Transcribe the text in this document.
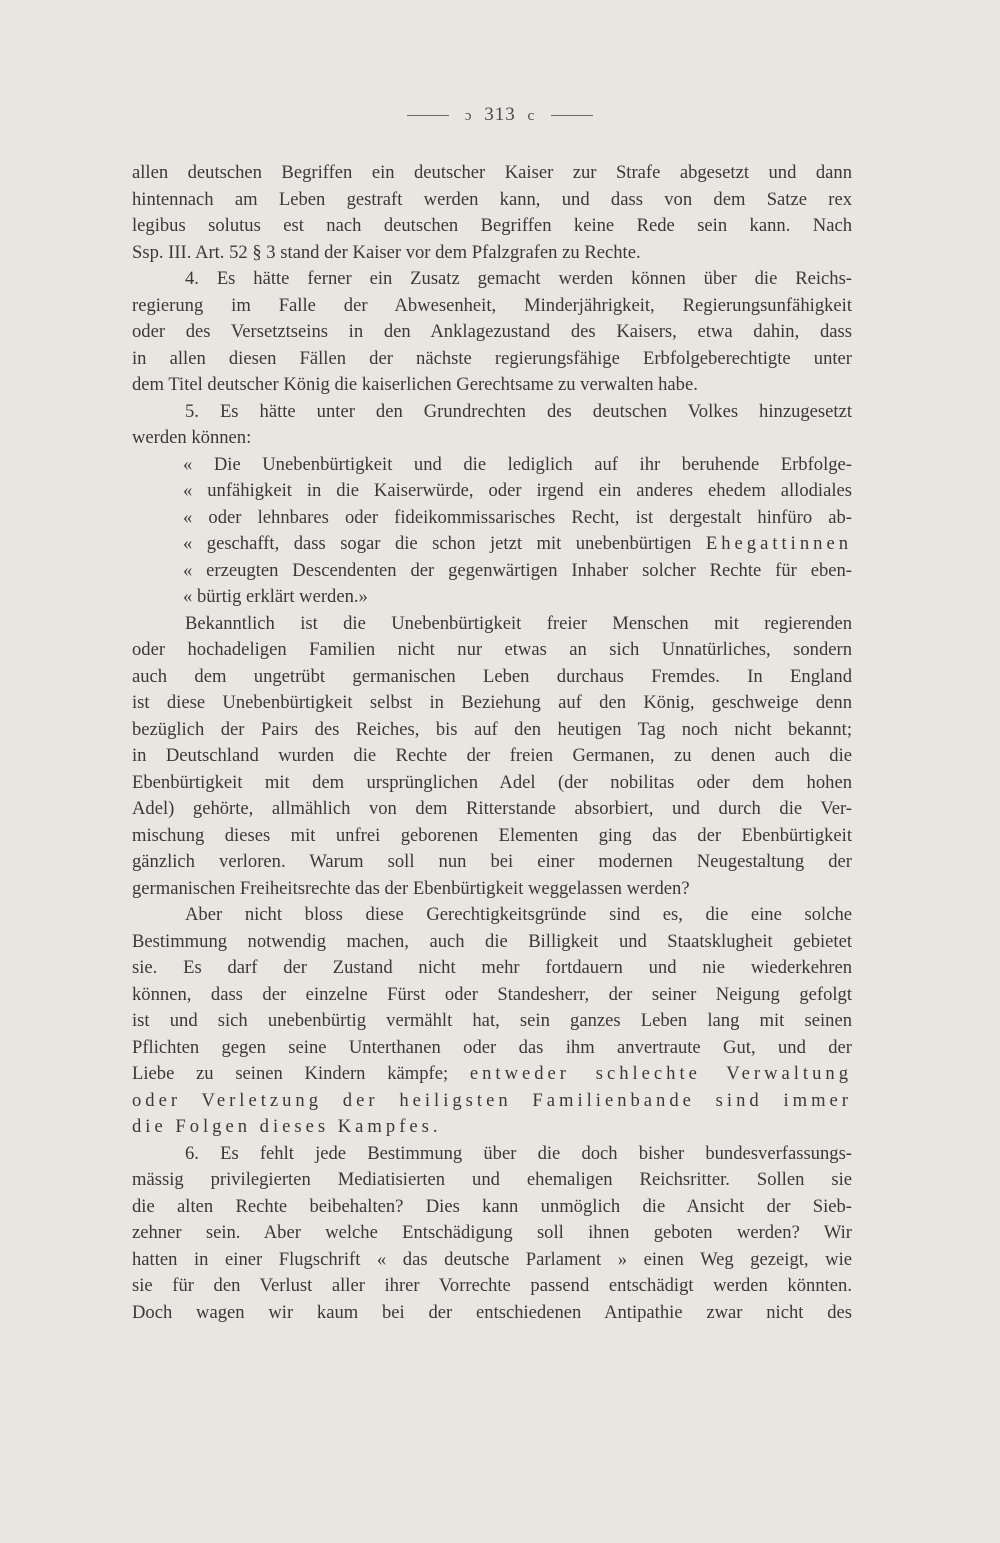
ɔ 313 c
allen deutschen Begriffen ein deutscher Kaiser zur Strafe abgesetzt und dann
hintennach am Leben gestraft werden kann, und dass von dem Satze rex
legibus solutus est nach deutschen Begriffen keine Rede sein kann. Nach
Ssp. III. Art. 52 § 3 stand der Kaiser vor dem Pfalzgrafen zu Rechte.
4. Es hätte ferner ein Zusatz gemacht werden können über die Reichs-
regierung im Falle der Abwesenheit, Minderjährigkeit, Regierungsunfähigkeit
oder des Versetztseins in den Anklagezustand des Kaisers, etwa dahin, dass
in allen diesen Fällen der nächste regierungsfähige Erbfolgeberechtigte unter
dem Titel deutscher König die kaiserlichen Gerechtsame zu verwalten habe.
5. Es hätte unter den Grundrechten des deutschen Volkes hinzugesetzt
werden können:
« Die Unebenbürtigkeit und die lediglich auf ihr beruhende Erbfolge-
« unfähigkeit in die Kaiserwürde, oder irgend ein anderes ehedem allodiales
« oder lehnbares oder fideikommissarisches Recht, ist dergestalt hinfüro ab-
« geschafft, dass sogar die schon jetzt mit unebenbürtigen Ehegattinnen
« erzeugten Descendenten der gegenwärtigen Inhaber solcher Rechte für eben-
« bürtig erklärt werden.»
Bekanntlich ist die Unebenbürtigkeit freier Menschen mit regierenden
oder hochadeligen Familien nicht nur etwas an sich Unnatürliches, sondern
auch dem ungetrübt germanischen Leben durchaus Fremdes. In England
ist diese Unebenbürtigkeit selbst in Beziehung auf den König, geschweige denn
bezüglich der Pairs des Reiches, bis auf den heutigen Tag noch nicht bekannt;
in Deutschland wurden die Rechte der freien Germanen, zu denen auch die
Ebenbürtigkeit mit dem ursprünglichen Adel (der nobilitas oder dem hohen
Adel) gehörte, allmählich von dem Ritterstande absorbiert, und durch die Ver-
mischung dieses mit unfrei geborenen Elementen ging das der Ebenbürtigkeit
gänzlich verloren. Warum soll nun bei einer modernen Neugestaltung der
germanischen Freiheitsrechte das der Ebenbürtigkeit weggelassen werden?
Aber nicht bloss diese Gerechtigkeitsgründe sind es, die eine solche
Bestimmung notwendig machen, auch die Billigkeit und Staatsklugheit gebietet
sie. Es darf der Zustand nicht mehr fortdauern und nie wiederkehren
können, dass der einzelne Fürst oder Standesherr, der seiner Neigung gefolgt
ist und sich unebenbürtig vermählt hat, sein ganzes Leben lang mit seinen
Pflichten gegen seine Unterthanen oder das ihm anvertraute Gut, und der
Liebe zu seinen Kindern kämpfe; entweder schlechte Verwaltung
oder Verletzung der heiligsten Familienbande sind immer
die Folgen dieses Kampfes.
6. Es fehlt jede Bestimmung über die doch bisher bundesverfassungs-
mässig privilegierten Mediatisierten und ehemaligen Reichsritter. Sollen sie
die alten Rechte beibehalten? Dies kann unmöglich die Ansicht der Sieb-
zehner sein. Aber welche Entschädigung soll ihnen geboten werden? Wir
hatten in einer Flugschrift « das deutsche Parlament » einen Weg gezeigt, wie
sie für den Verlust aller ihrer Vorrechte passend entschädigt werden könnten.
Doch wagen wir kaum bei der entschiedenen Antipathie zwar nicht des
